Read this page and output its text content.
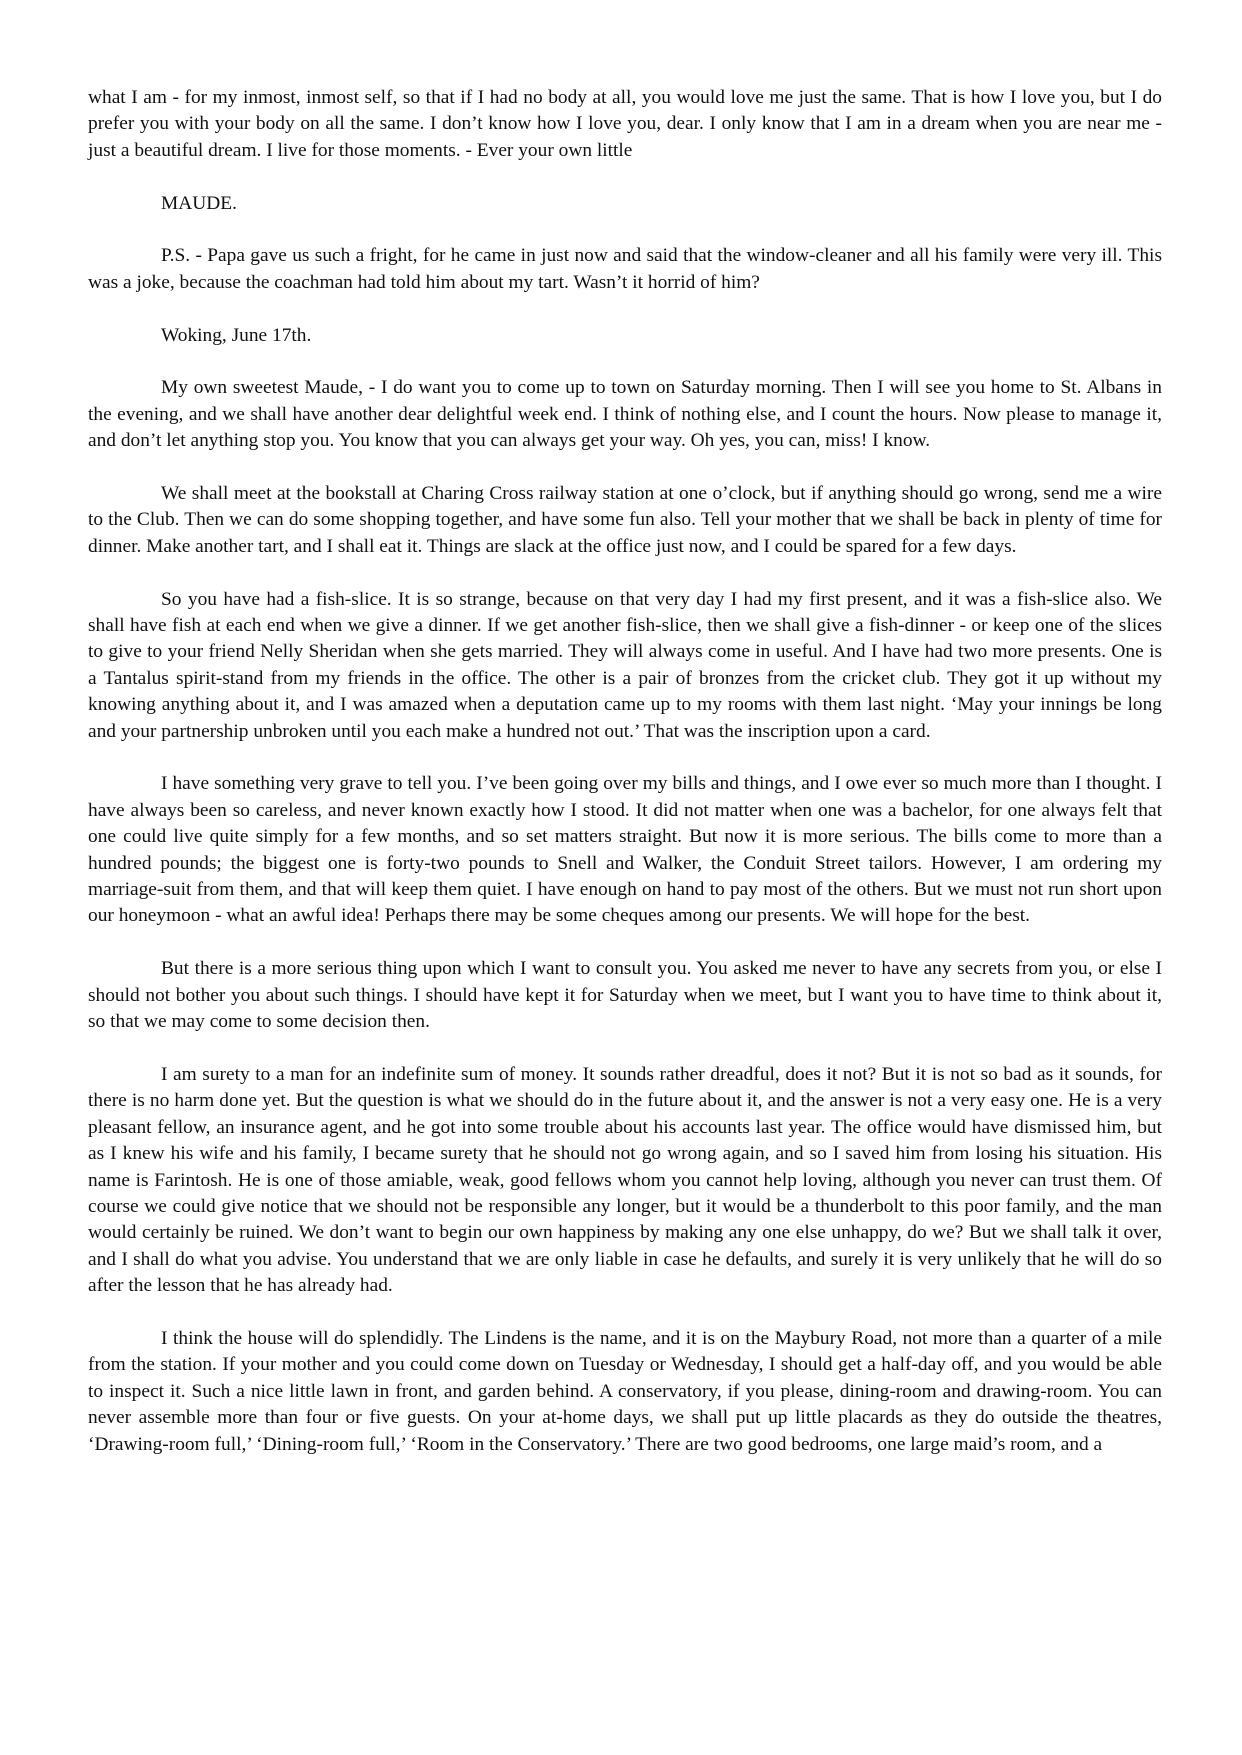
what I am - for my inmost, inmost self, so that if I had no body at all, you would love me just the same. That is how I love you, but I do prefer you with your body on all the same. I don’t know how I love you, dear. I only know that I am in a dream when you are near me - just a beautiful dream. I live for those moments. - Ever your own little

MAUDE.

P.S. - Papa gave us such a fright, for he came in just now and said that the window-cleaner and all his family were very ill. This was a joke, because the coachman had told him about my tart. Wasn’t it horrid of him?

Woking, June 17th.

My own sweetest Maude, - I do want you to come up to town on Saturday morning. Then I will see you home to St. Albans in the evening, and we shall have another dear delightful week end. I think of nothing else, and I count the hours. Now please to manage it, and don’t let anything stop you. You know that you can always get your way. Oh yes, you can, miss! I know.

We shall meet at the bookstall at Charing Cross railway station at one o’clock, but if anything should go wrong, send me a wire to the Club. Then we can do some shopping together, and have some fun also. Tell your mother that we shall be back in plenty of time for dinner. Make another tart, and I shall eat it. Things are slack at the office just now, and I could be spared for a few days.

So you have had a fish-slice. It is so strange, because on that very day I had my first present, and it was a fish-slice also. We shall have fish at each end when we give a dinner. If we get another fish-slice, then we shall give a fish-dinner - or keep one of the slices to give to your friend Nelly Sheridan when she gets married. They will always come in useful. And I have had two more presents. One is a Tantalus spirit-stand from my friends in the office. The other is a pair of bronzes from the cricket club. They got it up without my knowing anything about it, and I was amazed when a deputation came up to my rooms with them last night. ‘May your innings be long and your partnership unbroken until you each make a hundred not out.’ That was the inscription upon a card.

I have something very grave to tell you. I’ve been going over my bills and things, and I owe ever so much more than I thought. I have always been so careless, and never known exactly how I stood. It did not matter when one was a bachelor, for one always felt that one could live quite simply for a few months, and so set matters straight. But now it is more serious. The bills come to more than a hundred pounds; the biggest one is forty-two pounds to Snell and Walker, the Conduit Street tailors. However, I am ordering my marriage-suit from them, and that will keep them quiet. I have enough on hand to pay most of the others. But we must not run short upon our honeymoon - what an awful idea! Perhaps there may be some cheques among our presents. We will hope for the best.

But there is a more serious thing upon which I want to consult you. You asked me never to have any secrets from you, or else I should not bother you about such things. I should have kept it for Saturday when we meet, but I want you to have time to think about it, so that we may come to some decision then.

I am surety to a man for an indefinite sum of money. It sounds rather dreadful, does it not? But it is not so bad as it sounds, for there is no harm done yet. But the question is what we should do in the future about it, and the answer is not a very easy one. He is a very pleasant fellow, an insurance agent, and he got into some trouble about his accounts last year. The office would have dismissed him, but as I knew his wife and his family, I became surety that he should not go wrong again, and so I saved him from losing his situation. His name is Farintosh. He is one of those amiable, weak, good fellows whom you cannot help loving, although you never can trust them. Of course we could give notice that we should not be responsible any longer, but it would be a thunderbolt to this poor family, and the man would certainly be ruined. We don’t want to begin our own happiness by making any one else unhappy, do we? But we shall talk it over, and I shall do what you advise. You understand that we are only liable in case he defaults, and surely it is very unlikely that he will do so after the lesson that he has already had.

I think the house will do splendidly. The Lindens is the name, and it is on the Maybury Road, not more than a quarter of a mile from the station. If your mother and you could come down on Tuesday or Wednesday, I should get a half-day off, and you would be able to inspect it. Such a nice little lawn in front, and garden behind. A conservatory, if you please, dining-room and drawing-room. You can never assemble more than four or five guests. On your at-home days, we shall put up little placards as they do outside the theatres, ‘Drawing-room full,’ ‘Dining-room full,’ ‘Room in the Conservatory.’ There are two good bedrooms, one large maid’s room, and a
